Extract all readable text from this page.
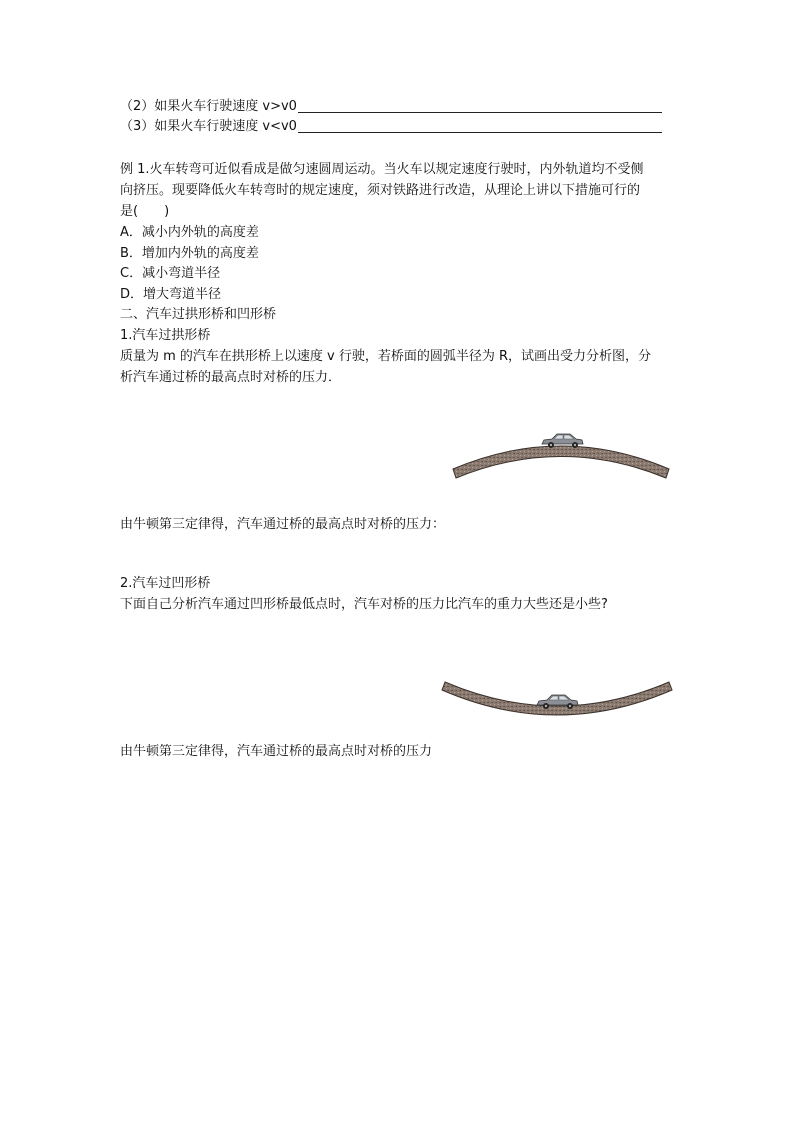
（2）如果火车行驶速度 v>v0
（3）如果火车行驶速度 v<v0
例 1.火车转弯可近似看成是做匀速圆周运动。当火车以规定速度行驶时，内外轨道均不受侧
向挤压。现要降低火车转弯时的规定速度，须对铁路进行改造，从理论上讲以下措施可行的
是(　　)
A．减小内外轨的高度差
B．增加内外轨的高度差
C．减小弯道半径
D．增大弯道半径
二、汽车过拱形桥和凹形桥
1.汽车过拱形桥
质量为 m 的汽车在拱形桥上以速度 v 行驶，若桥面的圆弧半径为 R，试画出受力分析图，分
析汽车通过桥的最高点时对桥的压力．
由牛顿第三定律得，汽车通过桥的最高点时对桥的压力：
2.汽车过凹形桥
下面自己分析汽车通过凹形桥最低点时，汽车对桥的压力比汽车的重力大些还是小些?
由牛顿第三定律得，汽车通过桥的最高点时对桥的压力
